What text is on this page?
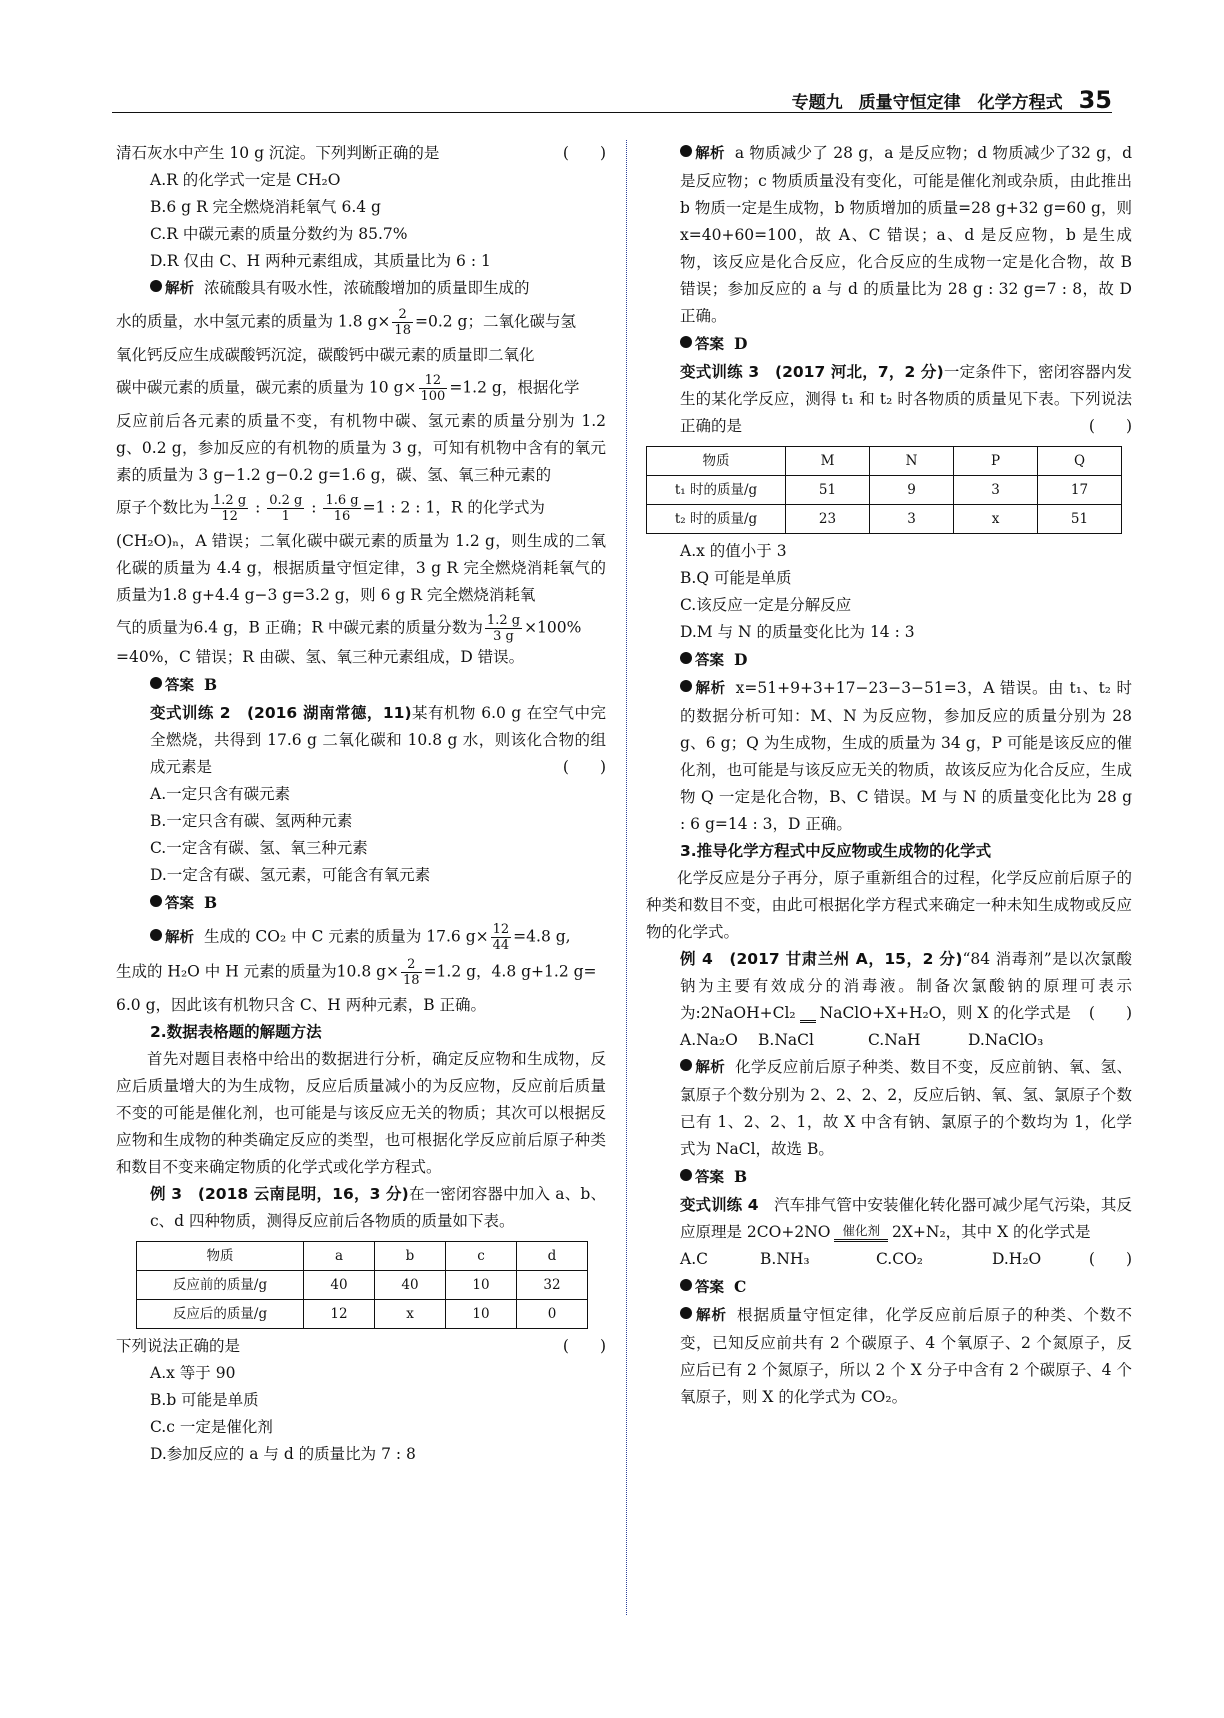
专题九 质量守恒定律　化学方程式 35
清石灰水中产生 10 g 沉淀。下列判断正确的是	(　　)
A.R 的化学式一定是 CH₂O
B.6 g R 完全燃烧消耗氧气 6.4 g
C.R 中碳元素的质量分数约为 85.7%
D.R 仅由 C、H 两种元素组成，其质量比为 6 : 1
C 解析 浓硫酸具有吸水性，浓硫酸增加的质量即生成的
水的质量，水中氢元素的质量为 1.8 $g\times \frac{2}{18} =0.2$ g；二氧化碳与氢
氧化钙反应生成碳酸钙沉淀，碳酸钙中碳元素的质量即二氧化
碳中碳元素的质量，碳元素的质量为 10 $g\times \frac{12}{100} =1.2$ g，根据化学
反应前后各元素的质量不变，有机物中碳、氢元素的质量分别为 1.2 g、0.2 g，参加反应的有机物的质量为 3 g，可知有机物中含有的氧元素的质量为 3 g−1.2 g−0.2 g=1.6 g，碳、氢、氧三种元素的
原子个数比为 $\frac{1.2 g}{12}$ : $\frac{0.2 g}{1}$ : $\frac{1.6 g}{16} =1$ : 2 : 1，R 的化学式为
(CH₂O)ₙ，A 错误；二氧化碳中碳元素的质量为 1.2 g，则生成的二氧化碳的质量为 4.4 g，根据质量守恒定律，3 g R 完全燃烧消耗氧气的质量为1.8 g+4.4 g−3 g=3.2 g，则 6 g R 完全燃烧消耗氧
气的质量为6.4 g，B 正确；R 中碳元素的质量分数为 $\frac{1.2 g}{3 g} \times 100\%$
=40%，C 错误；R 由碳、氢、氧三种元素组成，D 错误。
C 答案 B
变式训练 2　(2016 湖南常德，11)某有机物 6.0 g 在空气中完全燃烧，共得到 17.6 g 二氧化碳和 10.8 g 水，则该化合物的组成元素是	(　　)
A.一定只含有碳元素
B.一定只含有碳、氢两种元素
C.一定含有碳、氢、氧三种元素
D.一定含有碳、氢元素，可能含有氧元素
C 答案 B
C 解析 生成的 CO₂ 中 C 元素的质量为 17.6 $g\times \frac{12}{44} =4.8$ g,
生成的 H₂O 中 H 元素的质量为10.8 $g\times \frac{2}{18} =1.2$ g，4.8 g+1.2 g=
6.0 g，因此该有机物只含 C、H 两种元素，B 正确。
2.数据表格题的解题方法
首先对题目表格中给出的数据进行分析，确定反应物和生成物，反应后质量增大的为生成物，反应后质量减小的为反应物，反应前后质量不变的可能是催化剂，也可能是与该反应无关的物质；其次可以根据反应物和生成物的种类确定反应的类型，也可根据化学反应前后原子种类和数目不变来确定物质的化学式或化学方程式。
例 3　(2018 云南昆明，16，3 分)在一密闭容器中加入 a、b、c、d 四种物质，测得反应前后各物质的质量如下表。
物质	a	b	c	d
反应前的质量/g	40	40	10	32
反应后的质量/g	12	x	10	0
下列说法正确的是	(　　)
A.x 等于 90
B.b 可能是单质
C.c 一定是催化剂
D.参加反应的 a 与 d 的质量比为 7 : 8
C 解析 a 物质减少了 28 g，a 是反应物；d 物质减少了32 g，d 是反应物；c 物质质量没有变化，可能是催化剂或杂质，由此推出 b 物质一定是生成物，b 物质增加的质量=28 g+32 g=60 g，则 x=40+60=100，故 A、C 错误；a、d 是反应物，b 是生成物，该反应是化合反应，化合反应的生成物一定是化合物，故 B 错误；参加反应的 a 与 d 的质量比为 28 g : 32 g=7 : 8，故 D 正确。
C 答案 D
变式训练 3　(2017 河北，7，2 分)一定条件下，密闭容器内发生的某化学反应，测得 t₁ 和 t₂ 时各物质的质量见下表。下列说法正确的是	(　　)
物质	M	N	P	Q
t₁ 时的质量/g	51	9	3	17
t₂ 时的质量/g	23	3	x	51
A.x 的值小于 3
B.Q 可能是单质
C.该反应一定是分解反应
D.M 与 N 的质量变化比为 14 : 3
C 答案 D
C 解析 x=51+9+3+17−23−3−51=3，A 错误。由 t₁、t₂ 时的数据分析可知：M、N 为反应物，参加反应的质量分别为 28 g、6 g；Q 为生成物，生成的质量为 34 g，P 可能是该反应的催化剂，也可能是与该反应无关的物质，故该反应为化合反应，生成物 Q 一定是化合物，B、C 错误。M 与 N 的质量变化比为 28 g : 6 g=14 : 3，D 正确。
3.推导化学方程式中反应物或生成物的化学式
化学反应是分子再分，原子重新组合的过程，化学反应前后原子的种类和数目不变，由此可根据化学方程式来确定一种未知生成物或反应物的化学式。
例 4　(2017 甘肃兰州 A，15，2 分)“84 消毒剂”是以次氯酸钠为主要有效成分的消毒液。制备次氯酸钠的原理可表示为:2NaOH+Cl₂ NaClO+X+H₂O，则 X 的化学式是 (　　)
A.Na₂O	B.NaCl	C.NaH	D.NaClO₃
C 解析 化学反应前后原子种类、数目不变，反应前钠、氧、氢、氯原子个数分别为 2、2、2、2，反应后钠、氧、氢、氯原子个数已有 1、2、2、1，故 X 中含有钠、氯原子的个数均为 1，化学式为 NaCl，故选 B。
C 答案 B
变式训练 4　 汽车排气管中安装催化转化器可减少尾气污染，其反应原理是 2CO+2NO 催化剂 2X+N₂，其中 X 的化学式是
(　　)
A.C	B.NH₃	C.CO₂	D.H₂O
C 答案 C
C 解析 根据质量守恒定律，化学反应前后原子的种类、个数不变，已知反应前共有 2 个碳原子、4 个氧原子、2 个氮原子，反应后已有 2 个氮原子，所以 2 个 X 分子中含有 2 个碳原子、4 个氧原子，则 X 的化学式为 CO₂。
